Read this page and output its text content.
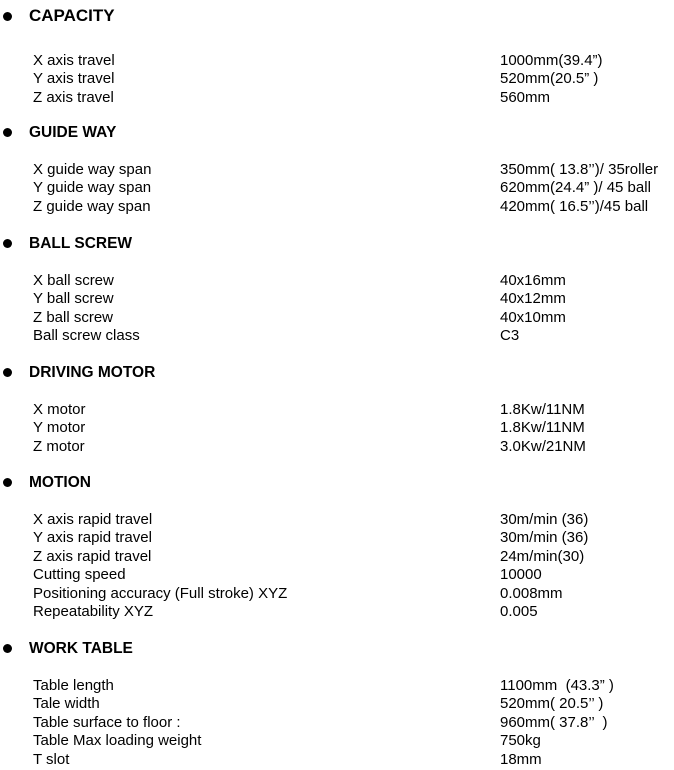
CAPACITY
X axis travel	1000mm(39.4”)
Y axis travel	520mm(20.5” )
Z axis travel	560mm
GUIDE WAY
X guide way span	350mm( 13.8’’)/ 35roller
Y guide way span	620mm(24.4” )/ 45 ball
Z guide way span	420mm( 16.5’’)/45 ball
BALL SCREW
X ball screw	40x16mm
Y ball screw	40x12mm
Z ball screw	40x10mm
Ball screw class	C3
DRIVING MOTOR
X motor	1.8Kw/11NM
Y motor	1.8Kw/11NM
Z motor	3.0Kw/21NM
MOTION
X axis rapid travel	30m/min (36)
Y axis rapid travel	30m/min (36)
Z axis rapid travel	24m/min(30)
Cutting speed	10000
Positioning accuracy (Full stroke) XYZ	0.008mm
Repeatability XYZ	0.005
WORK TABLE
Table length	1100mm  (43.3” )
Tale width	520mm( 20.5’’ )
Table surface to floor :	960mm( 37.8’’  )
Table Max loading weight	750kg
T slot	18mm
